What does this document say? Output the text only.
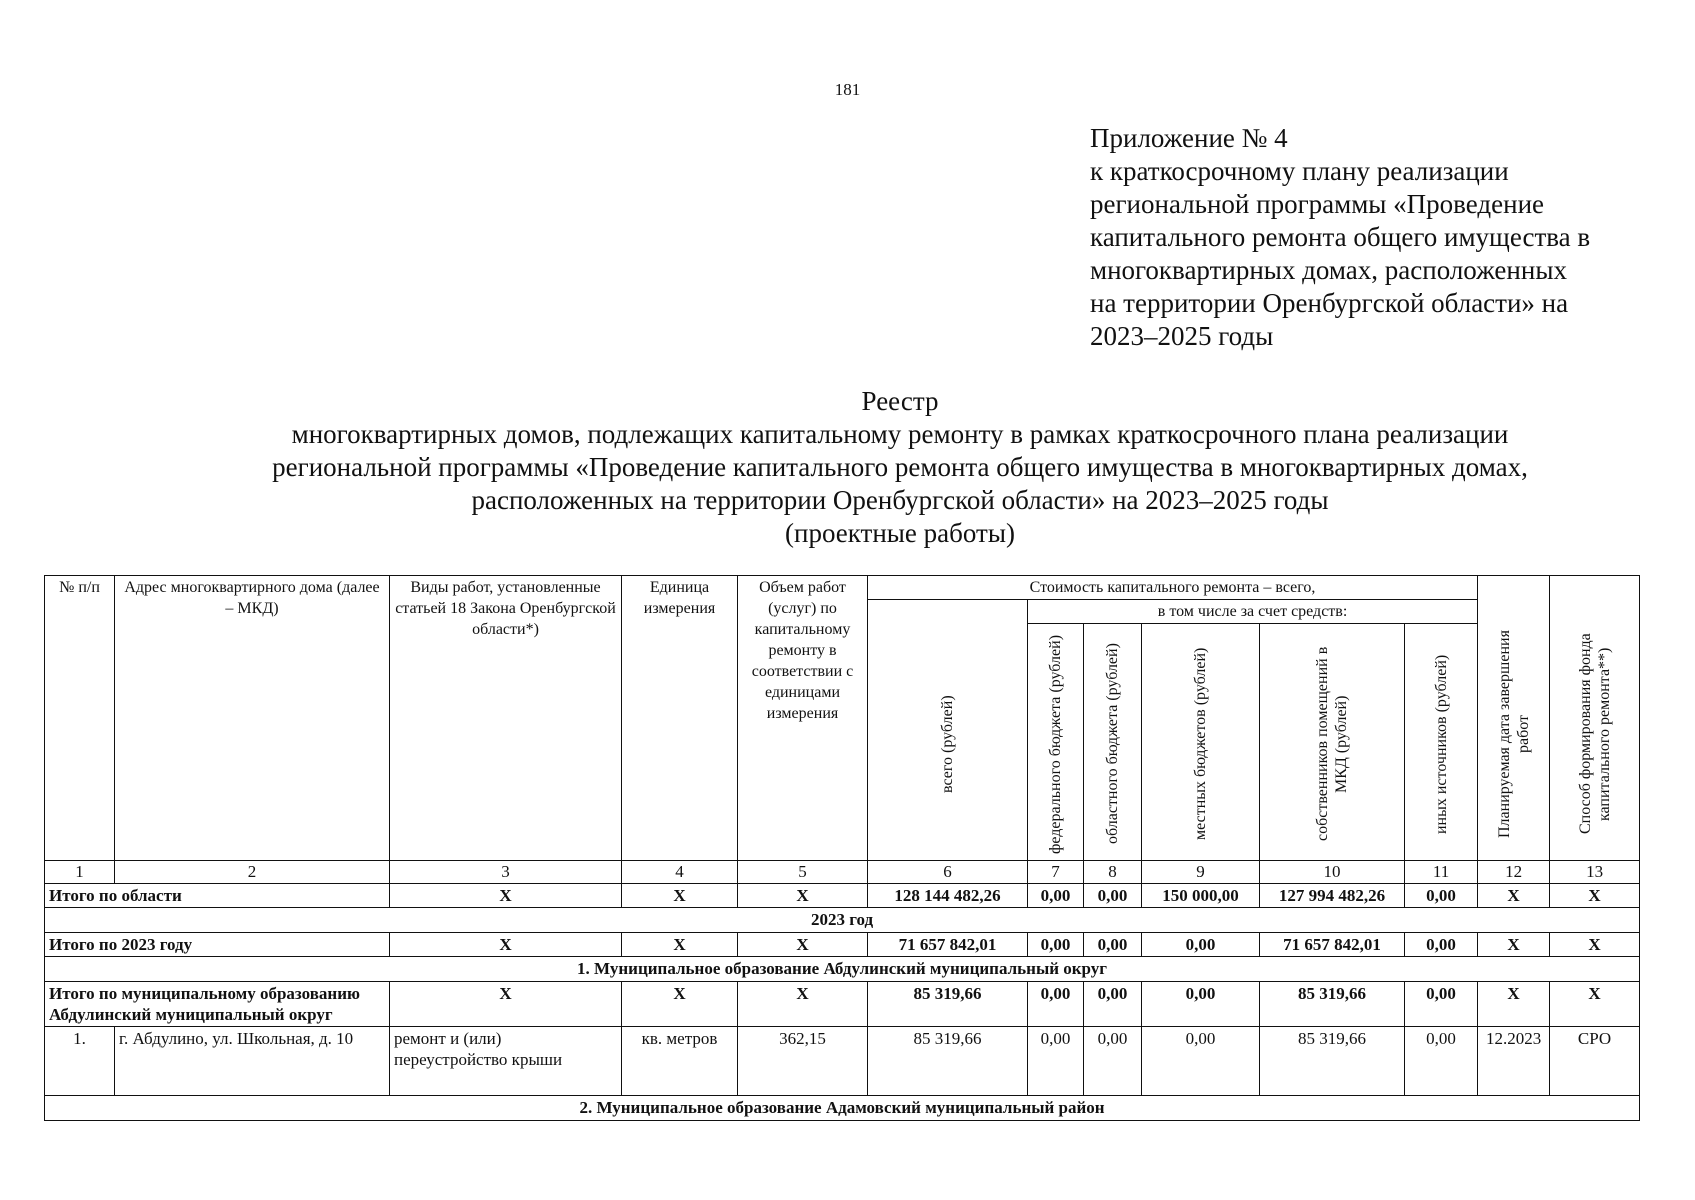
181
Приложение № 4
к краткосрочному плану реализации
региональной программы «Проведение
капитального ремонта общего имущества в
многоквартирных домах, расположенных
на территории Оренбургской области» на
2023–2025 годы
Реестр
многоквартирных домов, подлежащих капитальному ремонту в рамках краткосрочного плана реализации
региональной программы «Проведение капитального ремонта общего имущества в многоквартирных домах,
расположенных на территории Оренбургской области» на 2023–2025 годы
(проектные работы)
№ п/п	Адрес многоквартирного дома (далее – МКД)	Виды работ, установленные статьей 18 Закона Оренбургской области*)	Единица измерения	Объем работ (услуг) по капитальному ремонту в соответствии с единицами измерения	Стоимость капитального ремонта – всего,						Планируемая дата завершения работ	Способ формирования фонда капитального ремонта**)

					всего (рублей)	в том числе за счет средств:						

						федерального бюджета (рублей)	областного бюджета (рублей)	местных бюджетов (рублей)	собственников помещений в МКД (рублей)	иных источников (рублей)		

1	2	3	4	5	6	7	8	9	10	11	12	13
Итого по области		X	X	X	128 144 482,26	0,00	0,00	150 000,00	127 994 482,26	0,00	X	X
2023 год												
Итого по 2023 году		X	X	X	71 657 842,01	0,00	0,00	0,00	71 657 842,01	0,00	X	X
1. Муниципальное образование Абдулинский муниципальный округ												
Итого по муниципальному образованию Абдулинский муниципальный округ		X	X	X	85 319,66	0,00	0,00	0,00	85 319,66	0,00	X	X
1.	г. Абдулино, ул. Школьная, д. 10	ремонт и (или) переустройство крыши	кв. метров	362,15	85 319,66	0,00	0,00	0,00	85 319,66	0,00	12.2023	СРО
2. Муниципальное образование Адамовский муниципальный район												
